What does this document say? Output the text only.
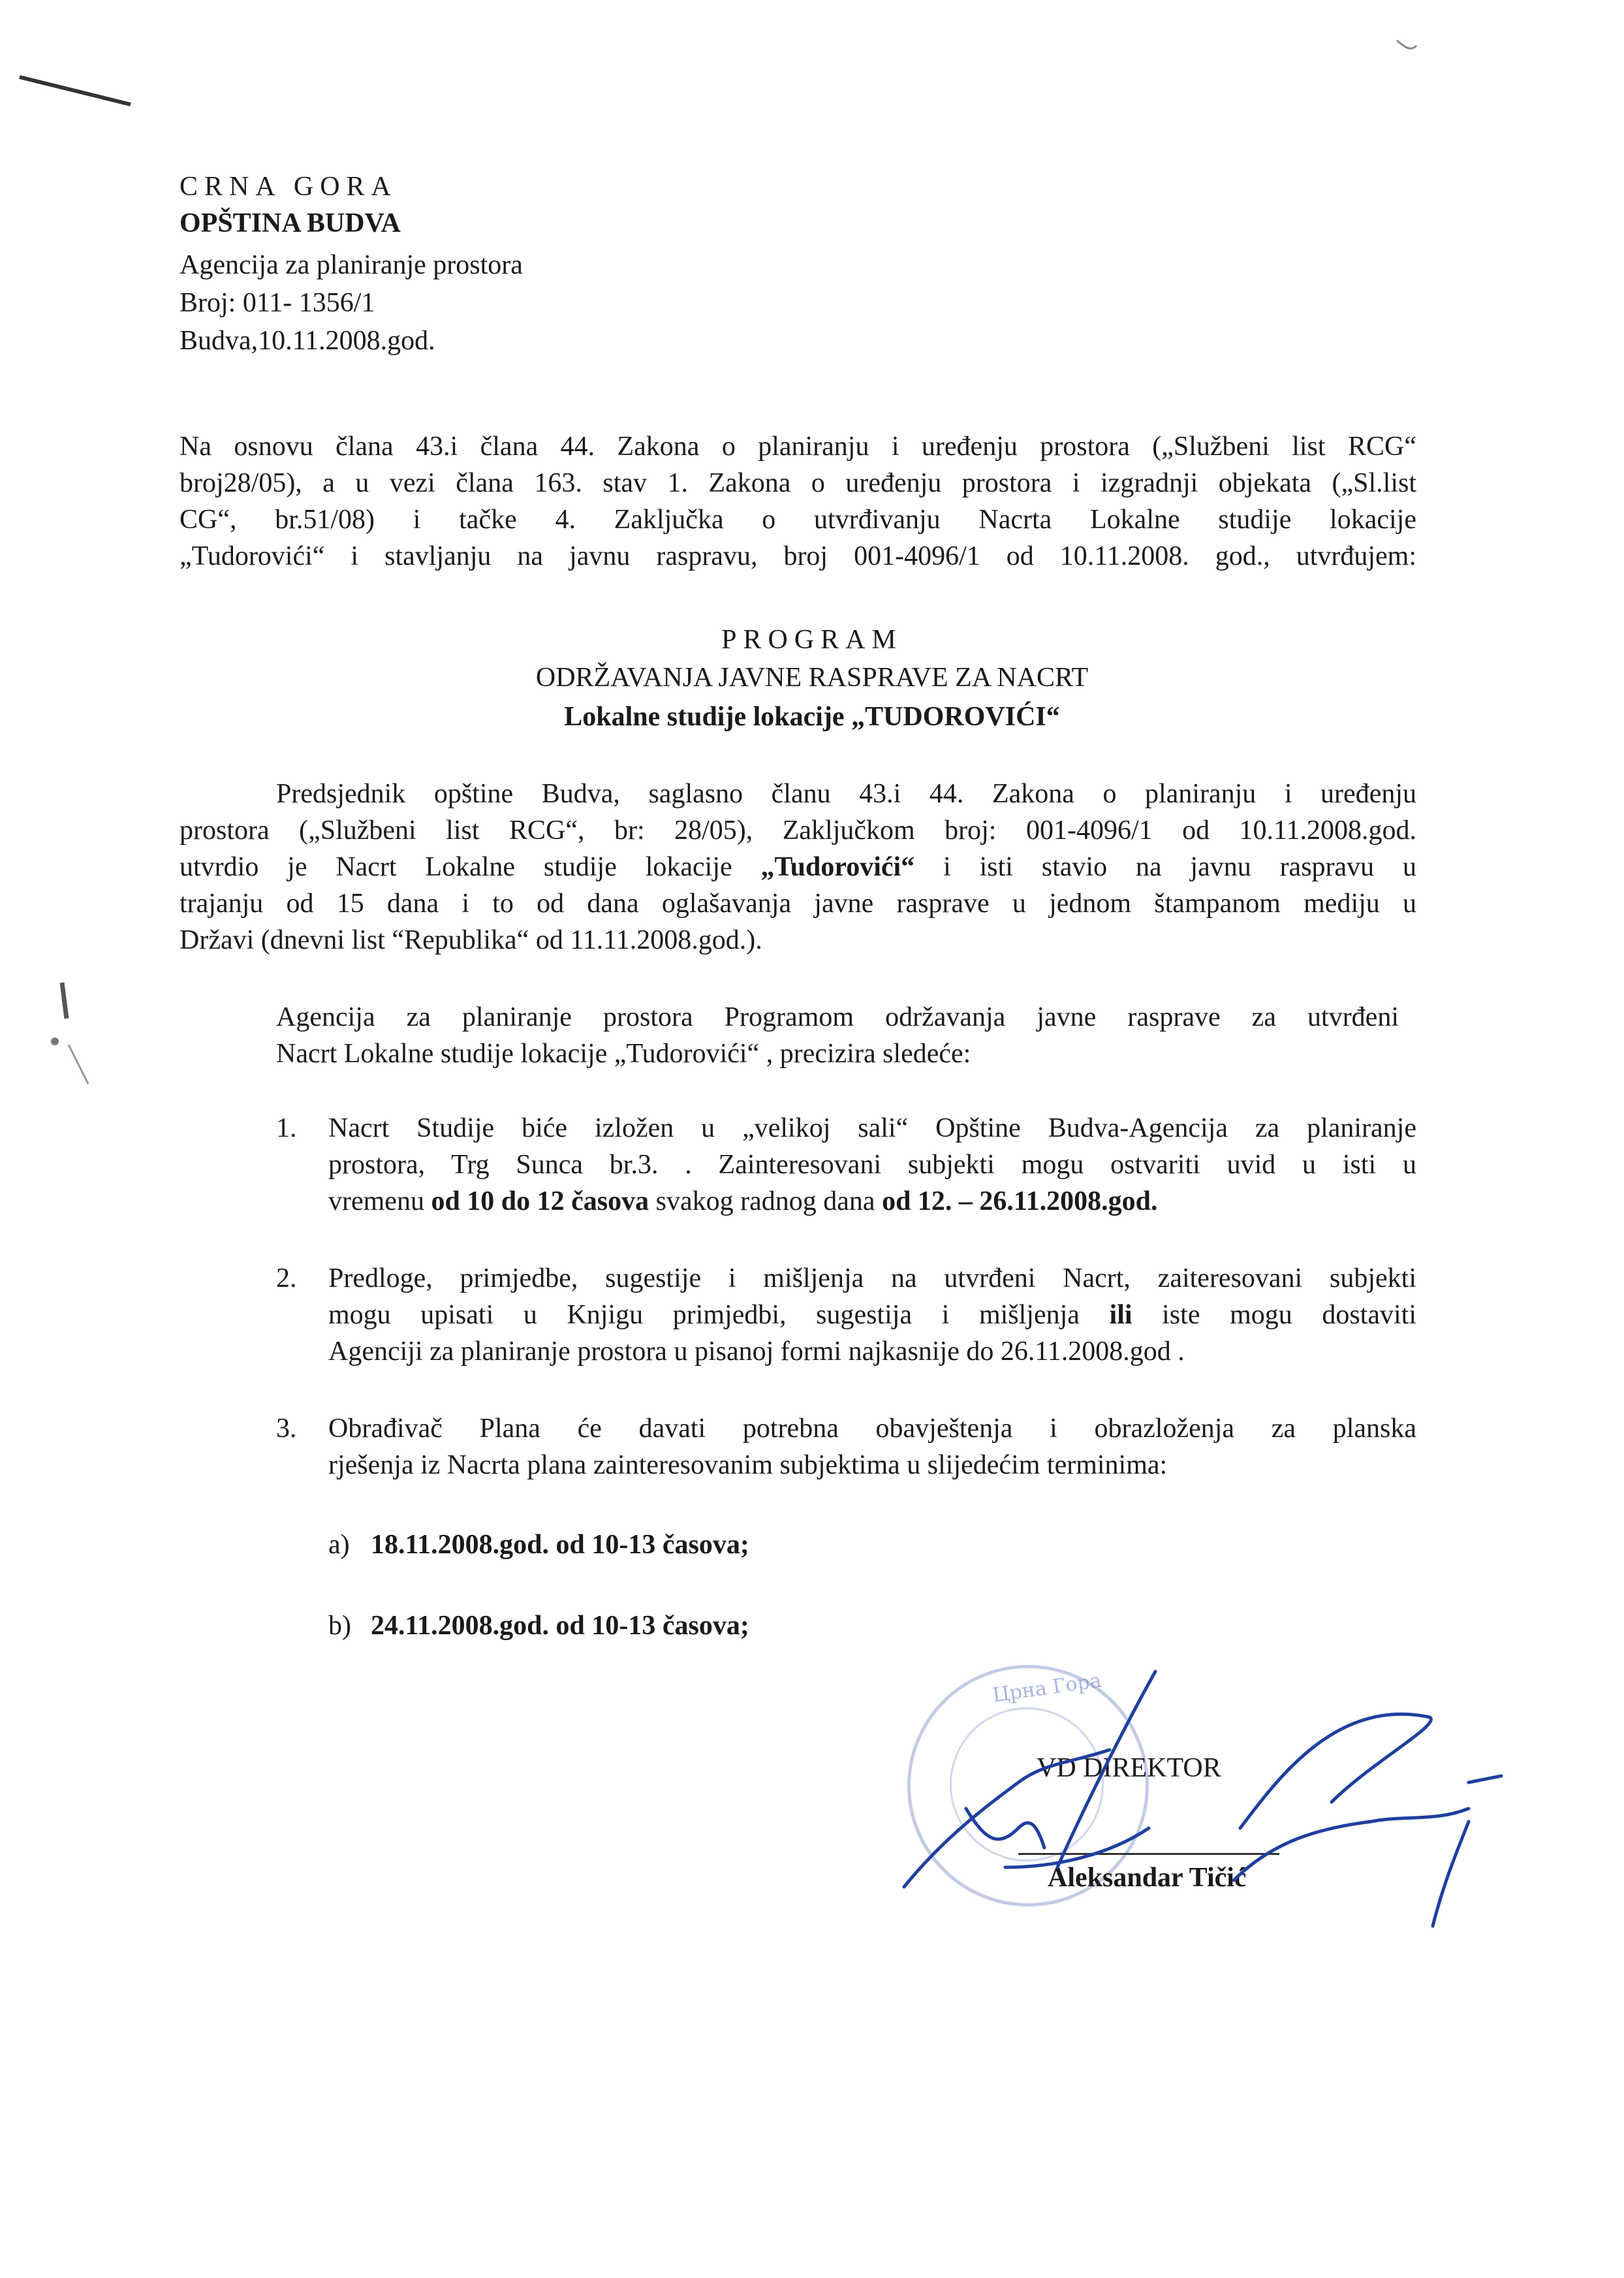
CRNA GORA
OPŠTINA BUDVA
Agencija za planiranje prostora
Broj: 011- 1356/1
Budva,10.11.2008.god.
Na osnovu člana 43.i člana 44. Zakona o planiranju i uređenju prostora („Službeni list RCG“
broj28/05), a u vezi člana 163. stav 1. Zakona o uređenju prostora i izgradnji objekata („Sl.list
CG“, br.51/08) i tačke 4. Zaključka o utvrđivanju Nacrta Lokalne studije lokacije
„Tudorovići“ i stavljanju na javnu raspravu, broj 001-4096/1 od 10.11.2008. god., utvrđujem:
PROGRAM
ODRŽAVANJA JAVNE RASPRAVE ZA NACRT
Lokalne studije lokacije „TUDOROVIĆI“
Predsjednik opštine Budva, saglasno članu 43.i 44. Zakona o planiranju i uređenju
prostora („Službeni list RCG“, br: 28/05), Zaključkom broj: 001-4096/1 od 10.11.2008.god.
utvrdio je Nacrt Lokalne studije lokacije „Tudorovići“ i isti stavio na javnu raspravu u
trajanju od 15 dana i to od dana oglašavanja javne rasprave u jednom štampanom mediju u
Državi (dnevni list “Republika“ od 11.11.2008.god.).
Agencija za planiranje prostora Programom održavanja javne rasprave za utvrđeni
Nacrt Lokalne studije lokacije „Tudorovići“ , precizira sledeće:
1. Nacrt Studije biće izložen u „velikoj sali“ Opštine Budva-Agencija za planiranje
prostora, Trg Sunca br.3. . Zainteresovani subjekti mogu ostvariti uvid u isti u
vremenu od 10 do 12 časova svakog radnog dana od 12. – 26.11.2008.god.
2. Predloge, primjedbe, sugestije i mišljenja na utvrđeni Nacrt, zaiteresovani subjekti
mogu upisati u Knjigu primjedbi, sugestija i mišljenja ili iste mogu dostaviti
Agenciji za planiranje prostora u pisanoj formi najkasnije do 26.11.2008.god .
3. Obrađivač Plana će davati potrebna obavještenja i obrazloženja za planska
rješenja iz Nacrta plana zainteresovanim subjektima u slijedećim terminima:
a) 18.11.2008.god. od 10-13 časova;
b) 24.11.2008.god. od 10-13 časova;
Црна Гора
VD DIREKTOR
Aleksandar Tičić
